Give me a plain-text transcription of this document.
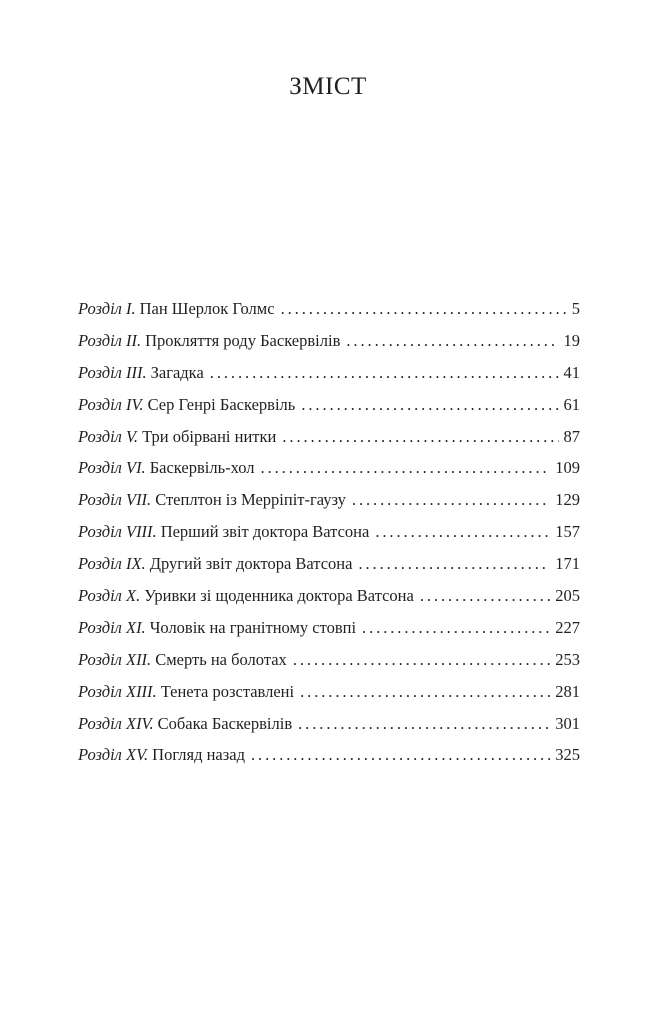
ЗМІСТ
Розділ I. Пан Шерлок Голмс . . .	5
Розділ II. Прокляття роду Баскервілів . . .	19
Розділ III. Загадка . . .	41
Розділ IV. Сер Генрі Баскервіль . . .	61
Розділ V. Три обірвані нитки . . .	87
Розділ VI. Баскервіль-хол . . .	109
Розділ VII. Степлтон із Мерріпіт-гаузу . . .	129
Розділ VIII. Перший звіт доктора Ватсона . . .	157
Розділ IX. Другий звіт доктора Ватсона . . .	171
Розділ X. Уривки зі щоденника доктора Ватсона . . .	205
Розділ XI. Чоловік на гранітному стовпі . . .	227
Розділ XII. Смерть на болотах . . .	253
Розділ XIII. Тенета розставлені . . .	281
Розділ XIV. Собака Баскервілів . . .	301
Розділ XV. Погляд назад . . .	325
